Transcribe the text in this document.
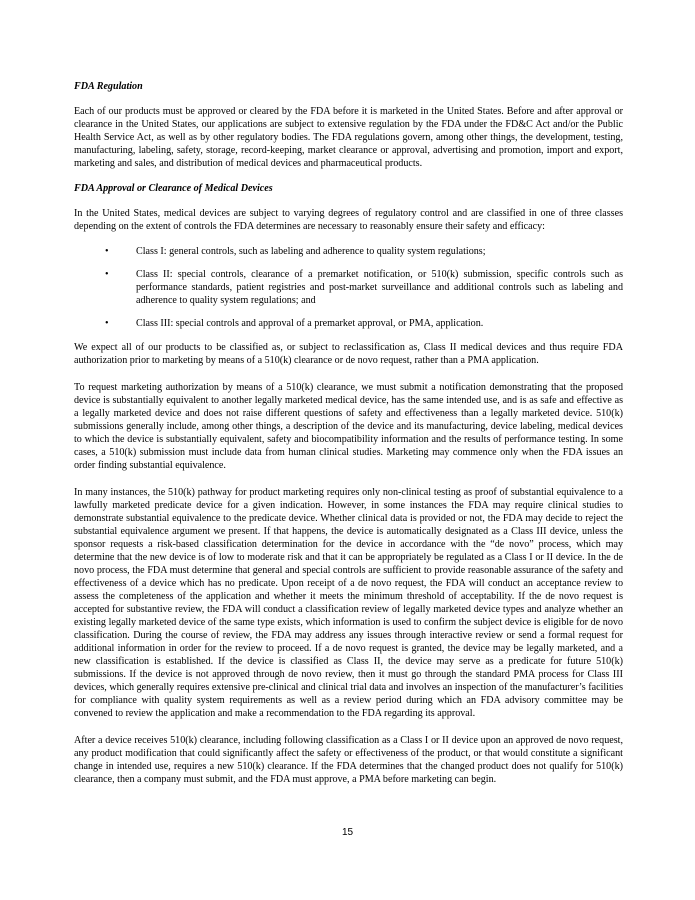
FDA Regulation

Each of our products must be approved or cleared by the FDA before it is marketed in the United States. Before and after approval or clearance in the United States, our applications are subject to extensive regulation by the FDA under the FD&C Act and/or the Public Health Service Act, as well as by other regulatory bodies. The FDA regulations govern, among other things, the development, testing, manufacturing, labeling, safety, storage, record-keeping, market clearance or approval, advertising and promotion, import and export, marketing and sales, and distribution of medical devices and pharmaceutical products.

FDA Approval or Clearance of Medical Devices

In the United States, medical devices are subject to varying degrees of regulatory control and are classified in one of three classes depending on the extent of controls the FDA determines are necessary to reasonably ensure their safety and efficacy:

•	Class I: general controls, such as labeling and adherence to quality system regulations;
•	Class II: special controls, clearance of a premarket notification, or 510(k) submission, specific controls such as performance standards, patient registries and post-market surveillance and additional controls such as labeling and adherence to quality system regulations; and
•	Class III: special controls and approval of a premarket approval, or PMA, application.

We expect all of our products to be classified as, or subject to reclassification as, Class II medical devices and thus require FDA authorization prior to marketing by means of a 510(k) clearance or de novo request, rather than a PMA application.

To request marketing authorization by means of a 510(k) clearance, we must submit a notification demonstrating that the proposed device is substantially equivalent to another legally marketed medical device, has the same intended use, and is as safe and effective as a legally marketed device and does not raise different questions of safety and effectiveness than a legally marketed device. 510(k) submissions generally include, among other things, a description of the device and its manufacturing, device labeling, medical devices to which the device is substantially equivalent, safety and biocompatibility information and the results of performance testing. In some cases, a 510(k) submission must include data from human clinical studies. Marketing may commence only when the FDA issues an order finding substantial equivalence.

In many instances, the 510(k) pathway for product marketing requires only non-clinical testing as proof of substantial equivalence to a lawfully marketed predicate device for a given indication. However, in some instances the FDA may require clinical studies to demonstrate substantial equivalence to the predicate device. Whether clinical data is provided or not, the FDA may decide to reject the substantial equivalence argument we present. If that happens, the device is automatically designated as a Class III device, unless the sponsor requests a risk-based classification determination for the device in accordance with the “de novo” process, which may determine that the new device is of low to moderate risk and that it can be appropriately be regulated as a Class I or II device. In the de novo process, the FDA must determine that general and special controls are sufficient to provide reasonable assurance of the safety and effectiveness of a device which has no predicate. Upon receipt of a de novo request, the FDA will conduct an acceptance review to assess the completeness of the application and whether it meets the minimum threshold of acceptability. If the de novo request is accepted for substantive review, the FDA will conduct a classification review of legally marketed device types and analyze whether an existing legally marketed device of the same type exists, which information is used to confirm the subject device is eligible for de novo classification. During the course of review, the FDA may address any issues through interactive review or send a formal request for additional information in order for the review to proceed. If a de novo request is granted, the device may be legally marketed, and a new classification is established. If the device is classified as Class II, the device may serve as a predicate for future 510(k) submissions. If the device is not approved through de novo review, then it must go through the standard PMA process for Class III devices, which generally requires extensive pre-clinical and clinical trial data and involves an inspection of the manufacturer’s facilities for compliance with quality system requirements as well as a review period during which an FDA advisory committee may be convened to review the application and make a recommendation to the FDA regarding its approval.

After a device receives 510(k) clearance, including following classification as a Class I or II device upon an approved de novo request, any product modification that could significantly affect the safety or effectiveness of the product, or that would constitute a significant change in intended use, requires a new 510(k) clearance. If the FDA determines that the changed product does not qualify for 510(k) clearance, then a company must submit, and the FDA must approve, a PMA before marketing can begin.

15
